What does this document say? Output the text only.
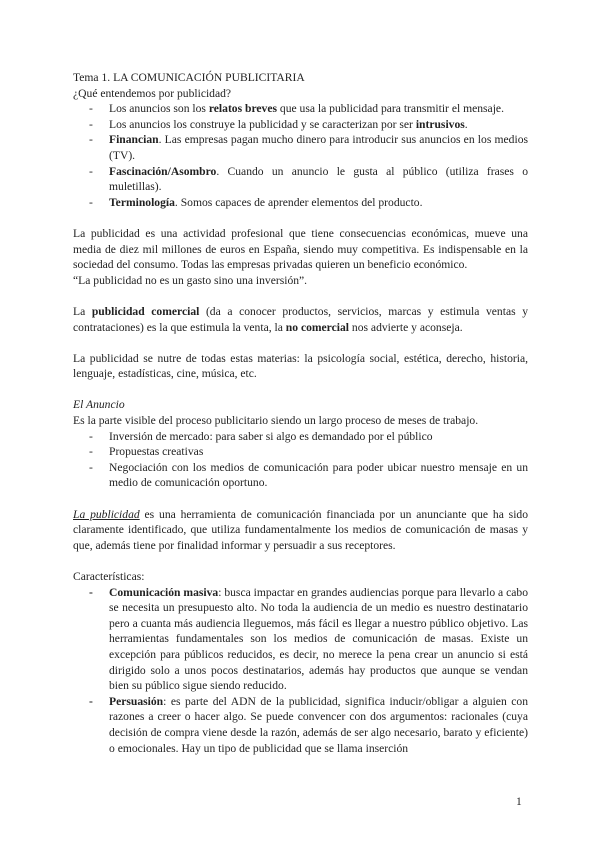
Tema 1. LA COMUNICACIÓN PUBLICITARIA

¿Qué entendemos por publicidad?

- Los anuncios son los relatos breves que usa la publicidad para transmitir el mensaje.
- Los anuncios los construye la publicidad y se caracterizan por ser intrusivos.
- Financian. Las empresas pagan mucho dinero para introducir sus anuncios en los medios (TV).
- Fascinación/Asombro. Cuando un anuncio le gusta al público (utiliza frases o muletillas).
- Terminología. Somos capaces de aprender elementos del producto.

La publicidad es una actividad profesional que tiene consecuencias económicas, mueve una media de diez mil millones de euros en España, siendo muy competitiva. Es indispensable en la sociedad del consumo. Todas las empresas privadas quieren un beneficio económico.

“La publicidad no es un gasto sino una inversión”.

La publicidad comercial (da a conocer productos, servicios, marcas y estimula ventas y contrataciones) es la que estimula la venta, la no comercial nos advierte y aconseja.

La publicidad se nutre de todas estas materias: la psicología social, estética, derecho, historia, lenguaje, estadísticas, cine, música, etc.

El Anuncio

Es la parte visible del proceso publicitario siendo un largo proceso de meses de trabajo.

- Inversión de mercado: para saber si algo es demandado por el público
- Propuestas creativas
- Negociación con los medios de comunicación para poder ubicar nuestro mensaje en un medio de comunicación oportuno.

La publicidad es una herramienta de comunicación financiada por un anunciante que ha sido claramente identificado, que utiliza fundamentalmente los medios de comunicación de masas y que, además tiene por finalidad informar y persuadir a sus receptores.

Características:

- Comunicación masiva: busca impactar en grandes audiencias porque para llevarlo a cabo se necesita un presupuesto alto. No toda la audiencia de un medio es nuestro destinatario pero a cuanta más audiencia lleguemos, más fácil es llegar a nuestro público objetivo. Las herramientas fundamentales son los medios de comunicación de masas. Existe un excepción para públicos reducidos, es decir, no merece la pena crear un anuncio si está dirigido solo a unos pocos destinatarios, además hay productos que aunque se vendan bien su público sigue siendo reducido.
- Persuasión: es parte del ADN de la publicidad, significa inducir/obligar a alguien con razones a creer o hacer algo. Se puede convencer con dos argumentos: racionales (cuya decisión de compra viene desde la razón, además de ser algo necesario, barato y eficiente) o emocionales. Hay un tipo de publicidad que se llama inserción
1
